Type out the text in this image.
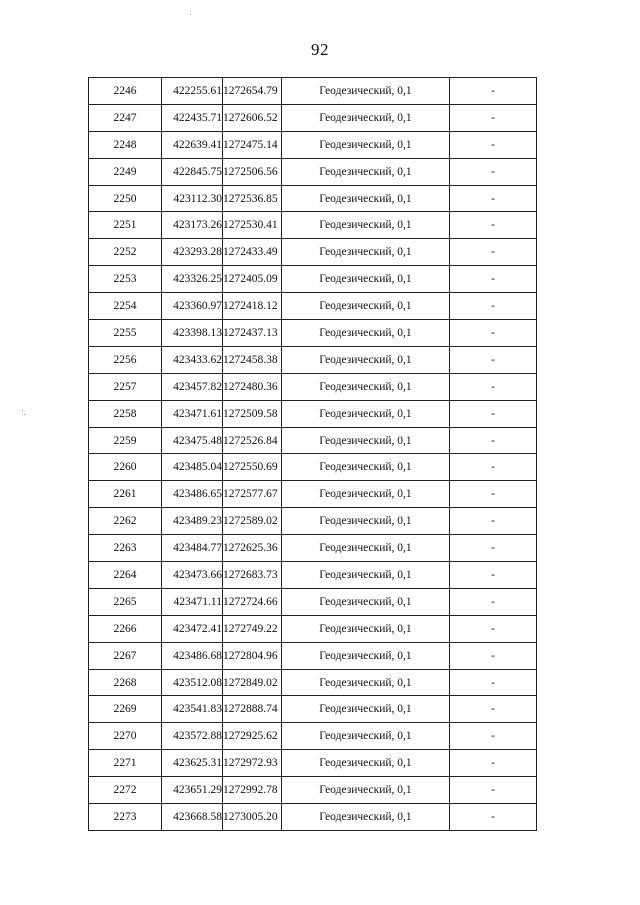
92
2246	422255.61	1272654.79	Геодезический, 0,1	-
2247	422435.71	1272606.52	Геодезический, 0,1	-
2248	422639.41	1272475.14	Геодезический, 0,1	-
2249	422845.75	1272506.56	Геодезический, 0,1	-
2250	423112.30	1272536.85	Геодезический, 0,1	-
2251	423173.26	1272530.41	Геодезический, 0,1	-
2252	423293.28	1272433.49	Геодезический, 0,1	-
2253	423326.25	1272405.09	Геодезический, 0,1	-
2254	423360.97	1272418.12	Геодезический, 0,1	-
2255	423398.13	1272437.13	Геодезический, 0,1	-
2256	423433.62	1272458.38	Геодезический, 0,1	-
2257	423457.82	1272480.36	Геодезический, 0,1	-
2258	423471.61	1272509.58	Геодезический, 0,1	-
2259	423475.48	1272526.84	Геодезический, 0,1	-
2260	423485.04	1272550.69	Геодезический, 0,1	-
2261	423486.65	1272577.67	Геодезический, 0,1	-
2262	423489.23	1272589.02	Геодезический, 0,1	-
2263	423484.77	1272625.36	Геодезический, 0,1	-
2264	423473.66	1272683.73	Геодезический, 0,1	-
2265	423471.11	1272724.66	Геодезический, 0,1	-
2266	423472.41	1272749.22	Геодезический, 0,1	-
2267	423486.68	1272804.96	Геодезический, 0,1	-
2268	423512.08	1272849.02	Геодезический, 0,1	-
2269	423541.83	1272888.74	Геодезический, 0,1	-
2270	423572.88	1272925.62	Геодезический, 0,1	-
2271	423625.31	1272972.93	Геодезический, 0,1	-
2272	423651.29	1272992.78	Геодезический, 0,1	-
2273	423668.58	1273005.20	Геодезический, 0,1	-
